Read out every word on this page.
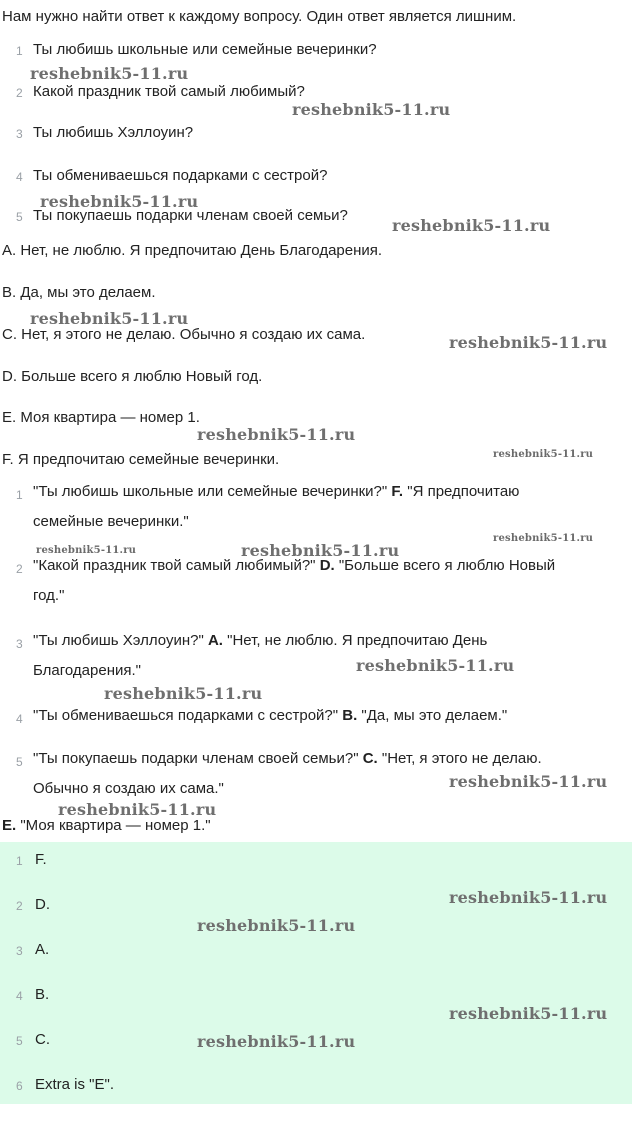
Нам нужно найти ответ к каждому вопросу. Один ответ является лишним.
1 Ты любишь школьные или семейные вечеринки?
2 Какой праздник твой самый любимый?
3 Ты любишь Хэллоуин?
4 Ты обмениваешься подарками с сестрой?
5 Ты покупаешь подарки членам своей семьи?
A. Нет, не люблю. Я предпочитаю День Благодарения.
B. Да, мы это делаем.
C. Нет, я этого не делаю. Обычно я создаю их сама.
D. Больше всего я люблю Новый год.
E. Моя квартира — номер 1.
F. Я предпочитаю семейные вечеринки.
1 "Ты любишь школьные или семейные вечеринки?" F. "Я предпочитаю
семейные вечеринки."
2 "Какой праздник твой самый любимый?" D. "Больше всего я люблю Новый
год."
3 "Ты любишь Хэллоуин?" A. "Нет, не люблю. Я предпочитаю День
Благодарения."
4 "Ты обмениваешься подарками с сестрой?" B. "Да, мы это делаем."
5 "Ты покупаешь подарки членам своей семьи?" C. "Нет, я этого не делаю.
Обычно я создаю их сама."
E. "Моя квартира — номер 1."
1 F.
2 D.
3 A.
4 B.
5 C.
6 Extra is "E".
reshebnik5-11.ru
reshebnik5-11.ru
reshebnik5-11.ru
reshebnik5-11.ru
reshebnik5-11.ru
reshebnik5-11.ru
reshebnik5-11.ru
reshebnik5-11.ru
reshebnik5-11.ru
reshebnik5-11.ru	reshebnik5-11.ru
reshebnik5-11.ru
reshebnik5-11.ru
reshebnik5-11.ru
reshebnik5-11.ru
reshebnik5-11.ru
reshebnik5-11.ru
reshebnik5-11.ru
reshebnik5-11.ru
